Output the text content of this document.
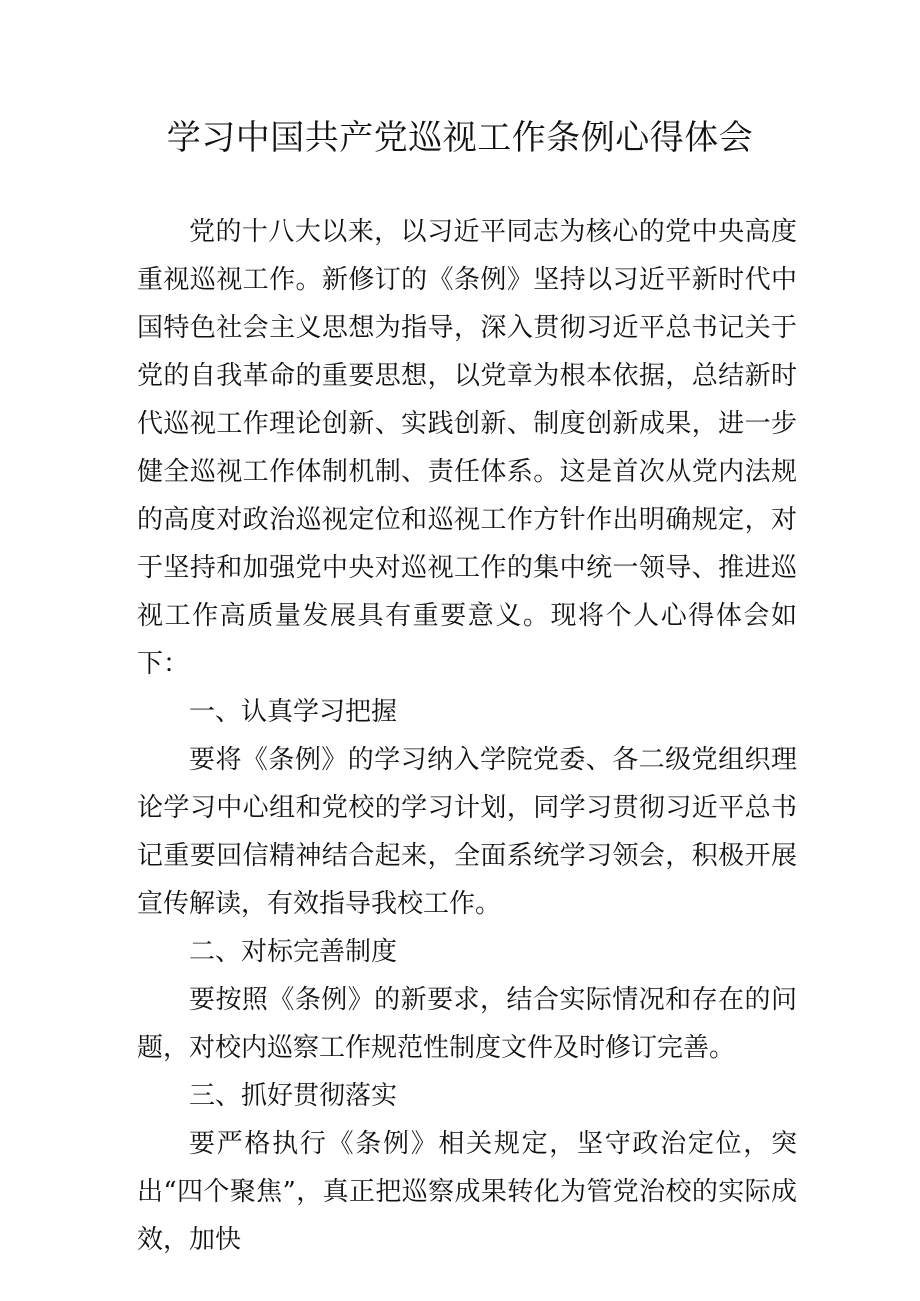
学习中国共产党巡视工作条例心得体会

党的十八大以来，以习近平同志为核心的党中央高度重视巡视工作。新修订的《条例》坚持以习近平新时代中国特色社会主义思想为指导，深入贯彻习近平总书记关于党的自我革命的重要思想，以党章为根本依据，总结新时代巡视工作理论创新、实践创新、制度创新成果，进一步健全巡视工作体制机制、责任体系。这是首次从党内法规的高度对政治巡视定位和巡视工作方针作出明确规定，对于坚持和加强党中央对巡视工作的集中统一领导、推进巡视工作高质量发展具有重要意义。现将个人心得体会如下：

一、认真学习把握

要将《条例》的学习纳入学院党委、各二级党组织理论学习中心组和党校的学习计划，同学习贯彻习近平总书记重要回信精神结合起来，全面系统学习领会，积极开展宣传解读，有效指导我校工作。

二、对标完善制度

要按照《条例》的新要求，结合实际情况和存在的问题，对校内巡察工作规范性制度文件及时修订完善。

三、抓好贯彻落实

要严格执行《条例》相关规定，坚守政治定位，突出“四个聚焦”，真正把巡察成果转化为管党治校的实际成效，加快
